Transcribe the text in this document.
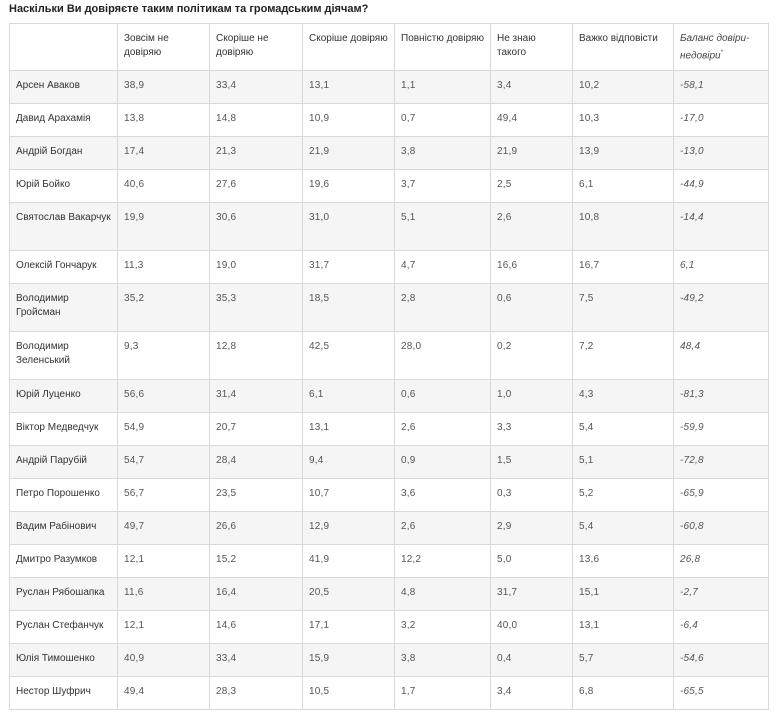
Наскільки Ви довіряєте таким політикам та громадським діячам?
	Зовсім не довіряю	Скоріше не довіряю	Скоріше довіряю	Повністю довіряю	Не знаю такого	Важко відповісти	Баланс довіри-недовіри*
Арсен Аваков	38,9	33,4	13,1	1,1	3,4	10,2	-58,1
Давид Арахамія	13,8	14,8	10,9	0,7	49,4	10,3	-17,0
Андрій Богдан	17,4	21,3	21,9	3,8	21,9	13,9	-13,0
Юрій Бойко	40,6	27,6	19,6	3,7	2,5	6,1	-44,9
Святослав Вакарчук	19,9	30,6	31,0	5,1	2,6	10,8	-14,4
Олексій Гончарук	11,3	19,0	31,7	4,7	16,6	16,7	6,1
Володимир Гройсман	35,2	35,3	18,5	2,8	0,6	7,5	-49,2
Володимир Зеленський	9,3	12,8	42,5	28,0	0,2	7,2	48,4
Юрій Луценко	56,6	31,4	6,1	0,6	1,0	4,3	-81,3
Віктор Медведчук	54,9	20,7	13,1	2,6	3,3	5,4	-59,9
Андрій Парубій	54,7	28,4	9,4	0,9	1,5	5,1	-72,8
Петро Порошенко	56,7	23,5	10,7	3,6	0,3	5,2	-65,9
Вадим Рабінович	49,7	26,6	12,9	2,6	2,9	5,4	-60,8
Дмитро Разумков	12,1	15,2	41,9	12,2	5,0	13,6	26,8
Руслан Рябошапка	11,6	16,4	20,5	4,8	31,7	15,1	-2,7
Руслан Стефанчук	12,1	14,6	17,1	3,2	40,0	13,1	-6,4
Юлія Тимошенко	40,9	33,4	15,9	3,8	0,4	5,7	-54,6
Нестор Шуфрич	49,4	28,3	10,5	1,7	3,4	6,8	-65,5
